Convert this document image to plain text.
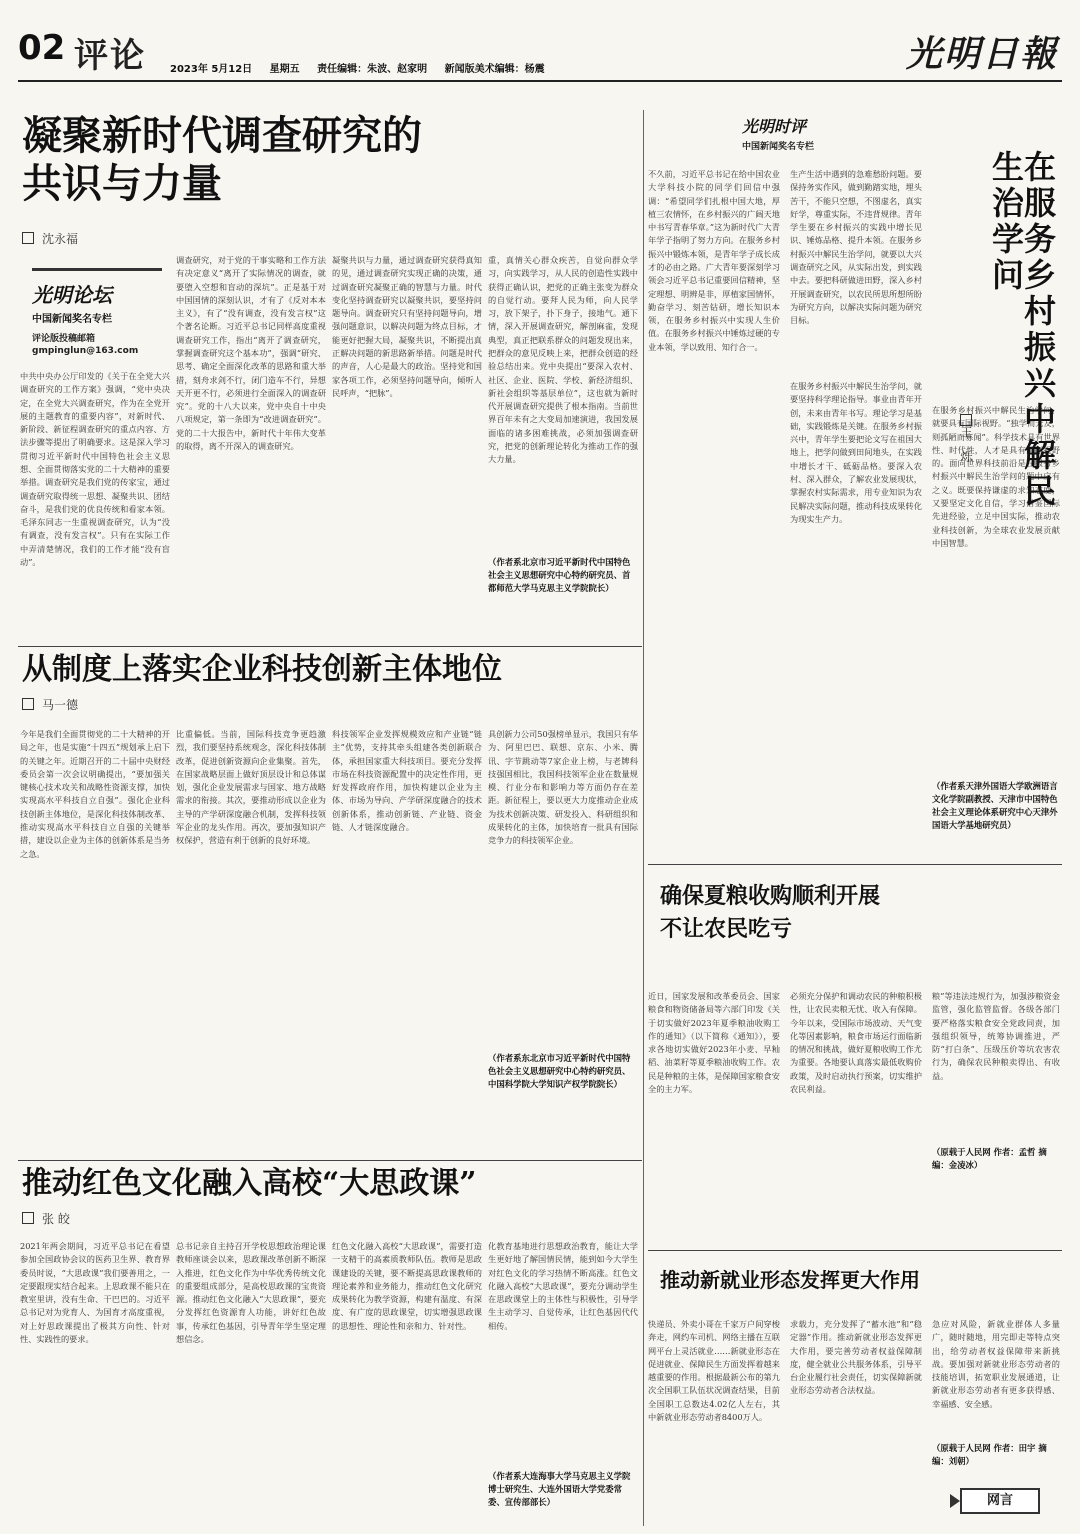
02 评论 2023年 5月12日 星期五 责任编辑：朱波、赵家明 新闻版美术编辑：杨震	光明日報
凝聚新时代调查研究的
共识与力量
沈永福
光明论坛
中国新闻奖名专栏
评论版投稿邮箱
gmpinglun@163.com
中共中央办公厅印发的《关于在全党大兴调查研究的工作方案》强调，“党中央决定，在全党大兴调查研究，作为在全党开展的主题教育的重要内容”，对新时代、新阶段、新征程调查研究的重点内容、方法步骤等提出了明确要求。这是深入学习贯彻习近平新时代中国特色社会主义思想、全面贯彻落实党的二十大精神的重要举措。调查研究是我们党的传家宝，通过调查研究取得统一思想、凝聚共识、团结奋斗，是我们党的优良传统和看家本领。毛泽东同志一生重视调查研究，认为“没有调查，没有发言权”。只有在实际工作中弄清楚情况，我们的工作才能“没有盲动”。
调查研究，对于党的干事实略和工作方法有决定意义“离开了实际情况的调查，就要堕入空想和盲动的深坑”。正是基于对中国国情的深刻认识，才有了《反对本本主义》，有了“没有调查，没有发言权”这个著名论断。习近平总书记同样高度重视调查研究工作，指出“离开了调查研究，掌握调查研究这个基本功”，强调“研究、思考、确定全面深化改革的思路和重大举措，刻舟求剑不行，闭门造车不行，异想天开更不行，必须进行全面深入的调查研究”。党的十八大以来，党中央自十中央八项规定，第一条即为“改进调查研究”。党的二十大报告中，新时代十年伟大变革的取得，离不开深入的调查研究。
凝聚共识与力量，通过调查研究获得真知的见，通过调查研究实现正确的决策，通过调查研究凝聚正确的智慧与力量。时代变化坚持调查研究以凝聚共识，要坚持问题导向。调查研究只有坚持问题导向，增强问题意识，以解决问题为终点目标，才能更好把握大局，凝聚共识，不断提出真正解决问题的新思路新举措。问题是时代的声音，人心是最大的政治。坚持党和国家各项工作，必须坚持问题导向，倾听人民呼声，“把脉”。
重，真情关心群众疾苦，自觉向群众学习，向实践学习，从人民的创造性实践中获得正确认识，把党的正确主张变为群众的自觉行动。要拜人民为师，向人民学习，放下架子，扑下身子，接地气。通下情，深入开展调查研究，解剖麻雀，发现典型，真正把联系群众的问题发现出来，把群众的意见反映上来，把群众创造的经验总结出来。党中央提出“要深入农村、社区、企业、医院、学校、新经济组织、新社会组织等基层单位”，这也就为新时代开展调查研究提供了根本指南。当前世界百年未有之大变局加速演进，我国发展面临的诸多困难挑战，必须加强调查研究，把党的创新理论转化为推动工作的强大力量。
（作者系北京市习近平新时代中国特色社会主义思想研究中心特约研究员、首都师范大学马克思主义学院院长）
光明时评
中国新闻奖名专栏
不久前，习近平总书记在给中国农业大学科技小院的同学们回信中强调：“希望同学们扎根中国大地，厚植三农情怀，在乡村振兴的广阔天地中书写青春华章。”这为新时代广大青年学子指明了努力方向。在服务乡村振兴中锻炼本领，是青年学子成长成才的必由之路。广大青年要深刻学习领会习近平总书记重要回信精神，坚定理想、明辨是非，厚植家国情怀，勤奋学习、刻苦钻研，增长知识本领，在服务乡村振兴中实现人生价值。在服务乡村振兴中锤炼过硬的专业本领，学以致用、知行合一。
在服务乡村振兴中解民生治学问，就要坚持科学理论指导。事业由青年开创，未来由青年书写。理论学习是基础，实践锻炼是关键。在服务乡村振兴中，青年学生要把论文写在祖国大地上，把学问做到田间地头，在实践中增长才干、砥砺品格。要深入农村、深入群众，了解农业发展现状，掌握农村实际需求，用专业知识为农民解决实际问题，推动科技成果转化为现实生产力。
生产生活中遇到的急难愁盼问题。要保持务实作风，做到勤踏实地，埋头苦干，不能只空想，不图虚名，真实好学，尊重实际，不违背规律。青年学生要在乡村振兴的实践中增长见识、锤炼品格、提升本领。在服务乡村振兴中解民生治学问，就要以大兴调查研究之风，从实际出发，到实践中去。要把科研做进田野，深入乡村开展调查研究，以农民所思所想所盼为研究方向，以解决实际问题为研究目标。
在服务乡村振兴中解民生治学问，就要具有国际视野。“独学而无友，则孤陋而寡闻”。科学技术具有世界性、时代性，人才是具有国际视野的。面向世界科技前沿是在服务乡村振兴中解民生治学问的题中应有之义。既要保持谦虚的求知态度，又要坚定文化自信，学习借鉴国际先进经验，立足中国实际，推动农业科技创新，为全球农业发展贡献中国智慧。
在服务乡村振兴中解民生治学问
王 烁
（作者系天津外国语大学欧洲语言文化学院副教授、天津市中国特色社会主义理论体系研究中心天津外国语大学基地研究员）
从制度上落实企业科技创新主体地位
马一德
今年是我们全面贯彻党的二十大精神的开局之年，也是实施“十四五”规划承上启下的关键之年。近期召开的二十届中央财经委员会第一次会议明确提出，“要加强关键核心技术攻关和战略性资源支撑，加快实现高水平科技自立自强”。强化企业科技创新主体地位，是深化科技体制改革、推动实现高水平科技自立自强的关键举措，建设以企业为主体的创新体系是当务之急。
比重偏低。当前，国际科技竞争更趋激烈，我们要坚持系统观念，深化科技体制改革，促进创新资源向企业集聚。首先，在国家战略层面上做好顶层设计和总体谋划，强化企业发展需求与国家、地方战略需求的衔接。其次，要推动形成以企业为主导的产学研深度融合机制，发挥科技领军企业的龙头作用。再次，要加强知识产权保护，营造有利于创新的良好环境。
科技领军企业发挥规模效应和产业链“链主”优势，支持其牵头组建各类创新联合体，承担国家重大科技项目。要充分发挥市场在科技资源配置中的决定性作用，更好发挥政府作用，加快构建以企业为主体、市场为导向、产学研深度融合的技术创新体系，推动创新链、产业链、资金链、人才链深度融合。
具创新力公司50强榜单显示，我国只有华为、阿里巴巴、联想、京东、小米、腾讯、字节跳动等7家企业上榜，与老牌科技强国相比，我国科技领军企业在数量规模、行业分布和影响力等方面仍存在差距。新征程上，要以更大力度推动企业成为技术创新决策、研发投入、科研组织和成果转化的主体，加快培育一批具有国际竞争力的科技领军企业。
（作者系东北京市习近平新时代中国特色社会主义思想研究中心特约研究员、中国科学院大学知识产权学院院长）
确保夏粮收购顺利开展
不让农民吃亏
近日，国家发展和改革委员会、国家粮食和物资储备局等六部门印发《关于切实做好2023年夏季粮油收购工作的通知》（以下简称《通知》），要求各地切实做好2023年小麦、早籼稻、油菜籽等夏季粮油收购工作。农民是种粮的主体，是保障国家粮食安全的主力军。
必须充分保护和调动农民的种粮积极性，让农民卖粮无忧、收入有保障。今年以来，受国际市场波动、天气变化等因素影响，粮食市场运行面临新的情况和挑战，做好夏粮收购工作尤为重要。各地要认真落实最低收购价政策，及时启动执行预案，切实维护农民利益。
粮”等违法违规行为，加强涉粮资金监管，强化监管监督。各级各部门要严格落实粮食安全党政同责，加强组织领导，统筹协调推进，严防“打白条”、压级压价等坑农害农行为，确保农民种粮卖得出、有收益。
（原载于人民网 作者：孟哲 摘编：金凌冰）
推动红色文化融入高校“大思政课”
张 皎
2021年两会期间，习近平总书记在看望参加全国政协会议的医药卫生界、教育界委员时说，“大思政课”我们要善用之，一定要跟现实结合起来。上思政课不能只在教室里讲，没有生命、干巴巴的。习近平总书记对为党育人、为国育才高度重视，对上好思政课提出了极其方向性、针对性、实践性的要求。
总书记亲自主持召开学校思想政治理论课教师座谈会以来，思政课改革创新不断深入推进，红色文化作为中华优秀传统文化的重要组成部分，是高校思政课的宝贵资源。推动红色文化融入“大思政课”，要充分发挥红色资源育人功能，讲好红色故事，传承红色基因，引导青年学生坚定理想信念。
红色文化融入高校“大思政课”，需要打造一支精干的高素质教师队伍。教师是思政课建设的关键，要不断提高思政课教师的理论素养和业务能力，推动红色文化研究成果转化为教学资源，构建有温度、有深度、有广度的思政课堂，切实增强思政课的思想性、理论性和亲和力、针对性。
化教育基地进行思想政治教育，能让大学生更好地了解国情民情，能到如今大学生对红色文化的学习热情不断高涨。红色文化融入高校“大思政课”，要充分调动学生在思政课堂上的主体性与积极性，引导学生主动学习、自觉传承，让红色基因代代相传。
（作者系大连海事大学马克思主义学院博士研究生、大连外国语大学党委常委、宣传部部长）
推动新就业形态发挥更大作用
快递员、外卖小哥在千家万户间穿梭奔走，网约车司机、网络主播在互联网平台上灵活就业……新就业形态在促进就业、保障民生方面发挥着越来越重要的作用。根据最新公布的第九次全国职工队伍状况调查结果，目前全国职工总数达4.02亿人左右，其中新就业形态劳动者8400万人。
求载力，充分发挥了“蓄水池”和“稳定器”作用。推动新就业形态发挥更大作用，要完善劳动者权益保障制度，健全就业公共服务体系，引导平台企业履行社会责任，切实保障新就业形态劳动者合法权益。
急应对风险，新就业群体人多量广，随时随地，用完即走等特点突出，给劳动者权益保障带来新挑战。要加强对新就业形态劳动者的技能培训，拓宽职业发展通道，让新就业形态劳动者有更多获得感、幸福感、安全感。
（原载于人民网 作者：田宇 摘编：刘朝）
网言
